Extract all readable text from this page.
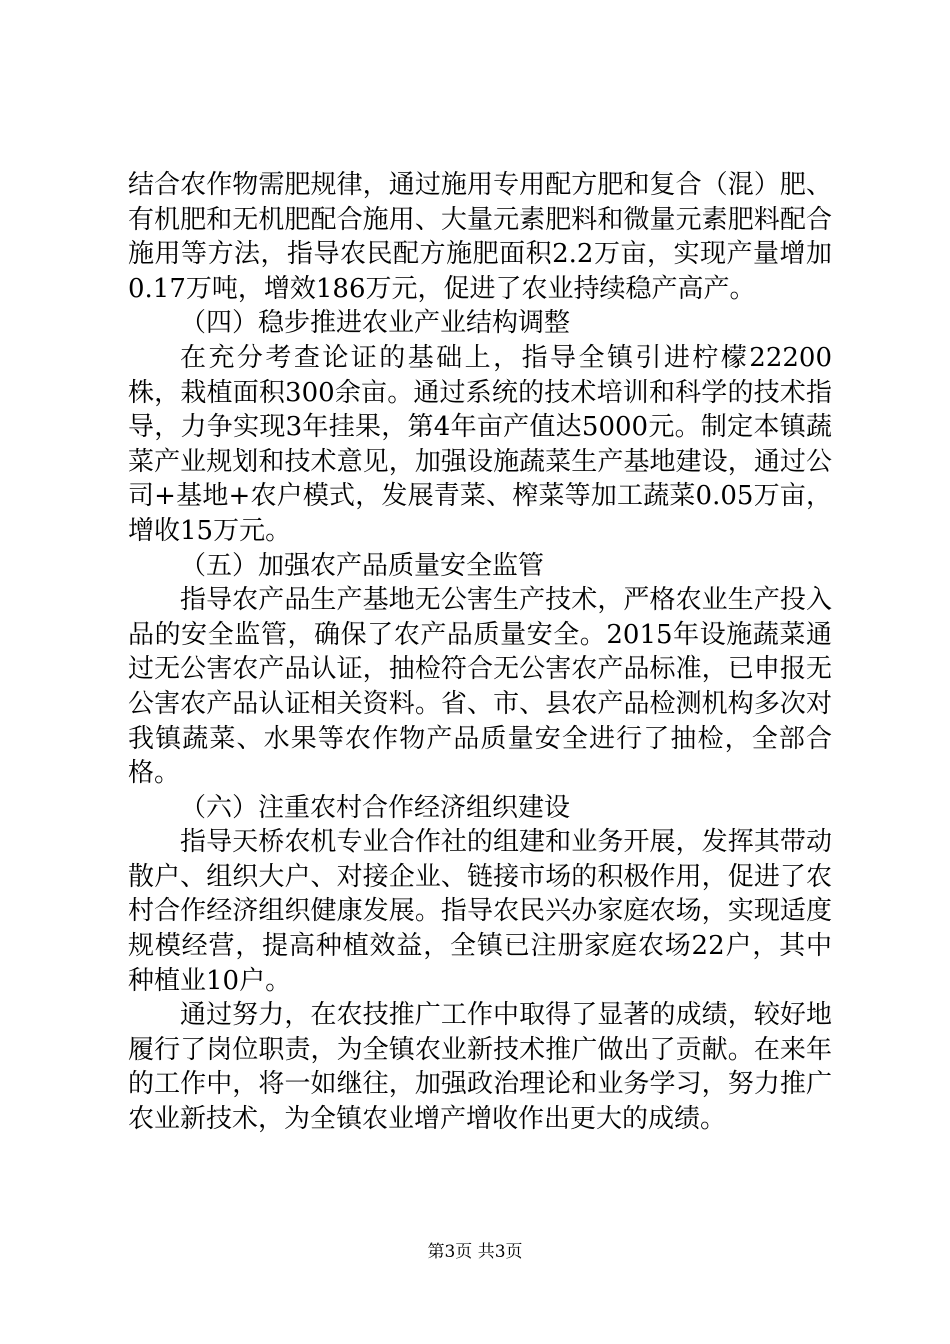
结合农作物需肥规律，通过施用专用配方肥和复合（混）肥、有机肥和无机肥配合施用、大量元素肥料和微量元素肥料配合施用等方法，指导农民配方施肥面积2.2万亩，实现产量增加0.17万吨，增效186万元，促进了农业持续稳产高产。

（四）稳步推进农业产业结构调整

在充分考查论证的基础上，指导全镇引进柠檬22200株，栽植面积300余亩。通过系统的技术培训和科学的技术指导，力争实现3年挂果，第4年亩产值达5000元。制定本镇蔬菜产业规划和技术意见，加强设施蔬菜生产基地建设，通过公司+基地+农户模式，发展青菜、榨菜等加工蔬菜0.05万亩，增收15万元。

（五）加强农产品质量安全监管

指导农产品生产基地无公害生产技术，严格农业生产投入品的安全监管，确保了农产品质量安全。2015年设施蔬菜通过无公害农产品认证，抽检符合无公害农产品标准，已申报无公害农产品认证相关资料。省、市、县农产品检测机构多次对我镇蔬菜、水果等农作物产品质量安全进行了抽检，全部合格。

（六）注重农村合作经济组织建设

指导天桥农机专业合作社的组建和业务开展，发挥其带动散户、组织大户、对接企业、链接市场的积极作用，促进了农村合作经济组织健康发展。指导农民兴办家庭农场，实现适度规模经营，提高种植效益，全镇已注册家庭农场22户，其中种植业10户。

通过努力，在农技推广工作中取得了显著的成绩，较好地履行了岗位职责，为全镇农业新技术推广做出了贡献。在来年的工作中，将一如继往，加强政治理论和业务学习，努力推广农业新技术，为全镇农业增产增收作出更大的成绩。

第3页 共3页
